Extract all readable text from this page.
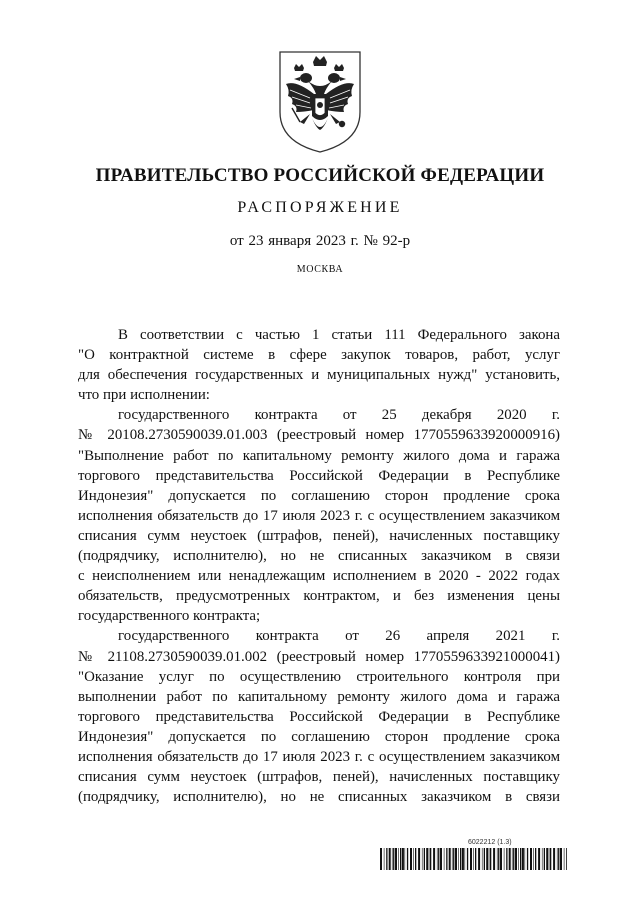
ПРАВИТЕЛЬСТВО РОССИЙСКОЙ ФЕДЕРАЦИИ
РАСПОРЯЖЕНИЕ
от 23 января 2023 г. № 92-р
МОСКВА
В соответствии с частью 1 статьи 111 Федерального закона
"О контрактной системе в сфере закупок товаров, работ, услуг
для обеспечения государственных и муниципальных нужд" установить,
что при исполнении:
государственного контракта от 25 декабря 2020 г.
№ 20108.2730590039.01.003 (реестровый номер 1770559633920000916)
"Выполнение работ по капитальному ремонту жилого дома и гаража
торгового представительства Российской Федерации в Республике
Индонезия" допускается по соглашению сторон продление срока
исполнения обязательств до 17 июля 2023 г. с осуществлением заказчиком
списания сумм неустоек (штрафов, пеней), начисленных поставщику
(подрядчику, исполнителю), но не списанных заказчиком в связи
с неисполнением или ненадлежащим исполнением в 2020 - 2022 годах
обязательств, предусмотренных контрактом, и без изменения цены
государственного контракта;
государственного контракта от 26 апреля 2021 г.
№ 21108.2730590039.01.002 (реестровый номер 1770559633921000041)
"Оказание услуг по осуществлению строительного контроля при
выполнении работ по капитальному ремонту жилого дома и гаража
торгового представительства Российской Федерации в Республике
Индонезия" допускается по соглашению сторон продление срока
исполнения обязательств до 17 июля 2023 г. с осуществлением заказчиком
списания сумм неустоек (штрафов, пеней), начисленных поставщику
(подрядчику, исполнителю), но не списанных заказчиком в связи
6022212 (1.3)
